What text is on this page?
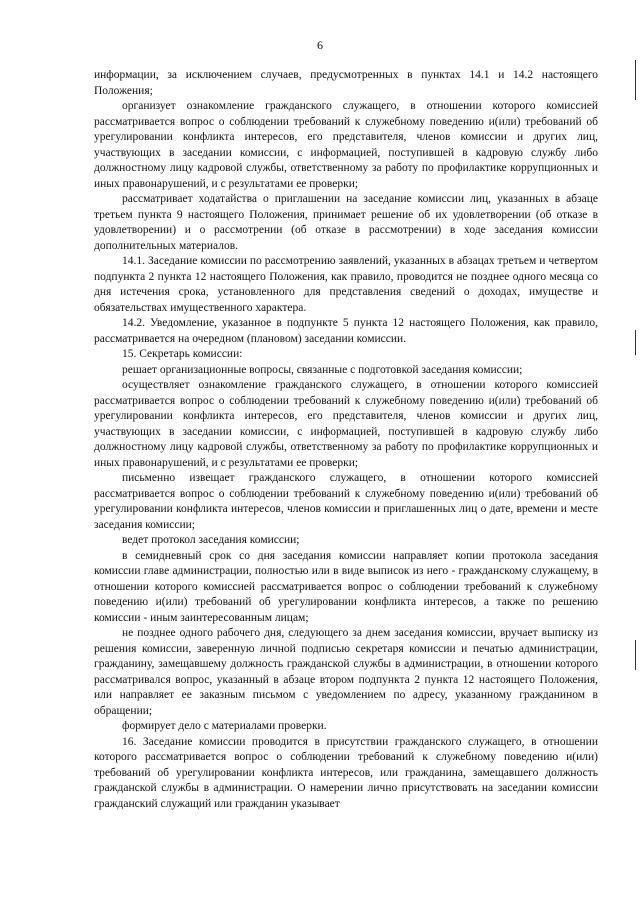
6

информации, за исключением случаев, предусмотренных в пунктах 14.1 и 14.2 настоящего Положения;

организует ознакомление гражданского служащего, в отношении которого комиссией рассматривается вопрос о соблюдении требований к служебному поведению и(или) требований об урегулировании конфликта интересов, его представителя, членов комиссии и других лиц, участвующих в заседании комиссии, с информацией, поступившей в кадровую службу либо должностному лицу кадровой службы, ответственному за работу по профилактике коррупционных и иных правонарушений, и с результатами ее проверки;

рассматривает ходатайства о приглашении на заседание комиссии лиц, указанных в абзаце третьем пункта 9 настоящего Положения, принимает решение об их удовлетворении (об отказе в удовлетворении) и о рассмотрении (об отказе в рассмотрении) в ходе заседания комиссии дополнительных материалов.

14.1. Заседание комиссии по рассмотрению заявлений, указанных в абзацах третьем и четвертом подпункта 2 пункта 12 настоящего Положения, как правило, проводится не позднее одного месяца со дня истечения срока, установленного для представления сведений о доходах, имуществе и обязательствах имущественного характера.

14.2. Уведомление, указанное в подпункте 5 пункта 12 настоящего Положения, как правило, рассматривается на очередном (плановом) заседании комиссии.

15. Секретарь комиссии:

решает организационные вопросы, связанные с подготовкой заседания комиссии;

осуществляет ознакомление гражданского служащего, в отношении которого комиссией рассматривается вопрос о соблюдении требований к служебному поведению и(или) требований об урегулировании конфликта интересов, его представителя, членов комиссии и других лиц, участвующих в заседании комиссии, с информацией, поступившей в кадровую службу либо должностному лицу кадровой службы, ответственному за работу по профилактике коррупционных и иных правонарушений, и с результатами ее проверки;

письменно извещает гражданского служащего, в отношении которого комиссией рассматривается вопрос о соблюдении требований к служебному поведению и(или) требований об урегулировании конфликта интересов, членов комиссии и приглашенных лиц о дате, времени и месте заседания комиссии;

ведет протокол заседания комиссии;

в семидневный срок со дня заседания комиссии направляет копии протокола заседания комиссии главе администрации, полностью или в виде выписок из него - гражданскому служащему, в отношении которого комиссией рассматривается вопрос о соблюдении требований к служебному поведению и(или) требований об урегулировании конфликта интересов, а также по решению комиссии - иным заинтересованным лицам;

не позднее одного рабочего дня, следующего за днем заседания комиссии, вручает выписку из решения комиссии, заверенную личной подписью секретаря комиссии и печатью администрации, гражданину, замещавшему должность гражданской службы в администрации, в отношении которого рассматривался вопрос, указанный в абзаце втором подпункта 2 пункта 12 настоящего Положения, или направляет ее заказным письмом с уведомлением по адресу, указанному гражданином в обращении;

формирует дело с материалами проверки.

16. Заседание комиссии проводится в присутствии гражданского служащего, в отношении которого рассматривается вопрос о соблюдении требований к служебному поведению и(или) требований об урегулировании конфликта интересов, или гражданина, замещавшего должность гражданской службы в администрации. О намерении лично присутствовать на заседании комиссии гражданский служащий или гражданин указывает
